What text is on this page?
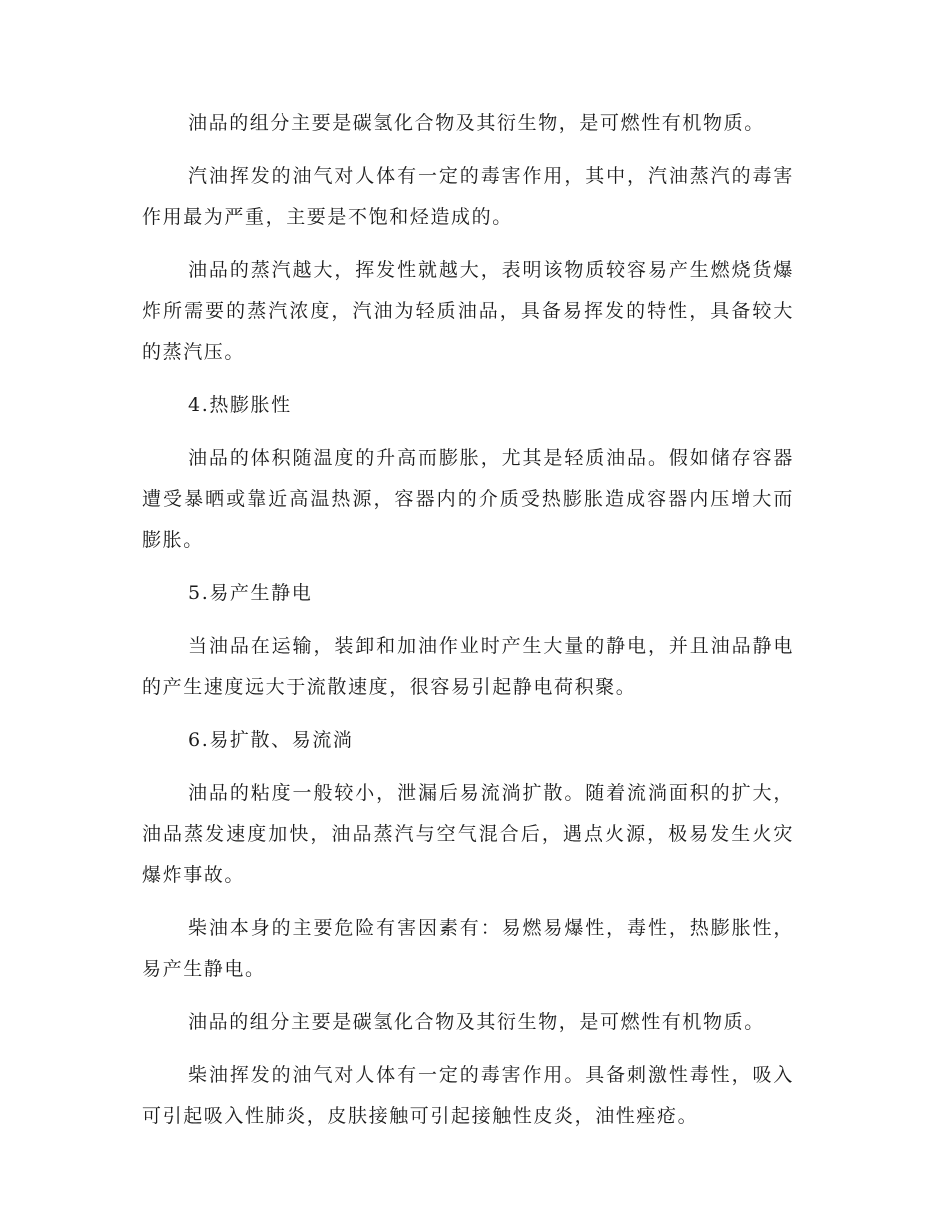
油品的组分主要是碳氢化合物及其衍生物，是可燃性有机物质。

汽油挥发的油气对人体有一定的毒害作用，其中，汽油蒸汽的毒害作用最为严重，主要是不饱和烃造成的。

油品的蒸汽越大，挥发性就越大，表明该物质较容易产生燃烧货爆炸所需要的蒸汽浓度，汽油为轻质油品，具备易挥发的特性，具备较大的蒸汽压。

4.热膨胀性

油品的体积随温度的升高而膨胀，尤其是轻质油品。假如储存容器遭受暴晒或靠近高温热源，容器内的介质受热膨胀造成容器内压增大而膨胀。

5.易产生静电

当油品在运输，装卸和加油作业时产生大量的静电，并且油品静电的产生速度远大于流散速度，很容易引起静电荷积聚。

6.易扩散、易流淌

油品的粘度一般较小，泄漏后易流淌扩散。随着流淌面积的扩大，油品蒸发速度加快，油品蒸汽与空气混合后，遇点火源，极易发生火灾爆炸事故。

柴油本身的主要危险有害因素有：易燃易爆性，毒性，热膨胀性，易产生静电。

油品的组分主要是碳氢化合物及其衍生物，是可燃性有机物质。

柴油挥发的油气对人体有一定的毒害作用。具备刺激性毒性，吸入可引起吸入性肺炎，皮肤接触可引起接触性皮炎，油性痤疮。
